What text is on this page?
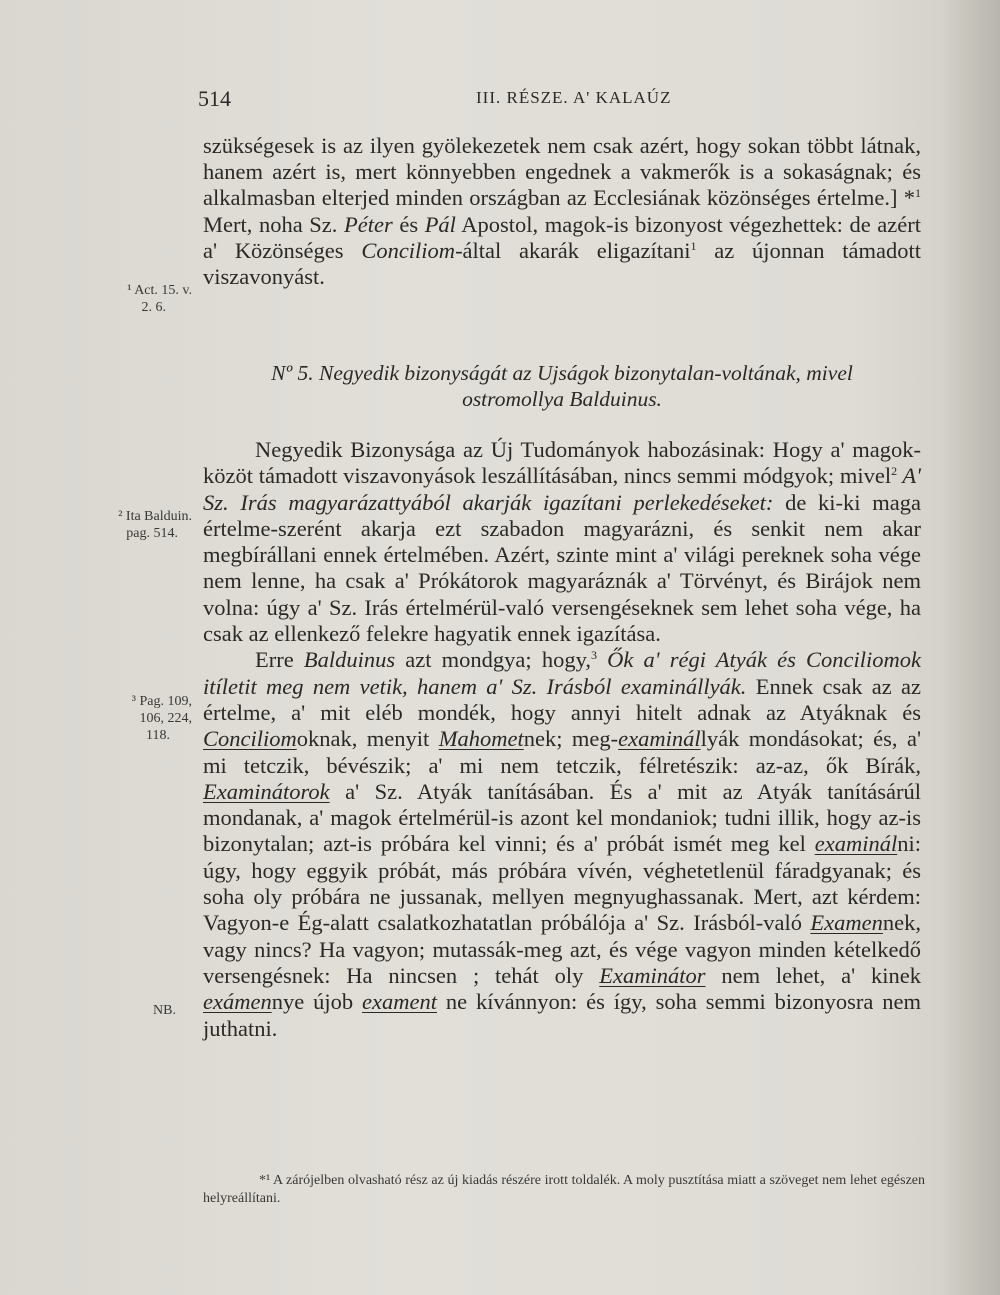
514	III. RÉSZE. A' KALAÚZ

szükségesek is az ilyen gyölekezetek nem csak azért, hogy sokan többt látnak, hanem azért is, mert könnyebben engednek a vakmerők is a sokaságnak; és alkalmasban elterjed minden országban az Ecclesiának közönséges értelme.] *$^1$ Mert, noha Sz. Péter és Pál Apostol, magok-is bizonyost végezhettek: de azért a' Közönséges Conciliom-által akarák eligazítani$^1$ az újonnan támadott viszavonyást.

Nº 5. Negyedik bizonyságát az Ujságok bizonytalan-voltának, mivel
ostromollya Balduinus.

Negyedik Bizonysága az Új Tudományok habozásinak: Hogy a' magok-közöt támadott viszavonyások leszállításában, nincs semmi módgyok; mivel$^2$ A' Sz. Irás magyarázattyából akarják igazítani perlekedéseket: de ki-ki maga értelme-szerént akarja ezt szabadon magyarázni, és senkit nem akar megbírállani ennek értelmében. Azért, szinte mint a' világi pereknek soha vége nem lenne, ha csak a' Prókátorok magyaráznák a' Törvényt, és Birájok nem volna: úgy a' Sz. Irás értelmérül-való versengéseknek sem lehet soha vége, ha csak az ellenkező felekre hagyatik ennek igazítása.

Erre Balduinus azt mondgya; hogy,$^3$ Ők a' régi Atyák és Conciliomok itíletit meg nem vetik, hanem a' Sz. Irásból examinállyák. Ennek csak az az értelme, a' mit eléb mondék, hogy annyi hitelt adnak az Atyáknak és Conciliomoknak, menyit Mahometnek; meg-examinállyák mondásokat; és, a' mi tetczik, bévészik; a' mi nem tetczik, félretészik: az-az, ők Bírák, Examinátorok a' Sz. Atyák tanításában. És a' mit az Atyák tanításárúl mondanak, a' magok értelmérül-is azont kel mondaniok; tudni illik, hogy az-is bizonytalan; azt-is próbára kel vinni; és a' próbát ismét meg kel examinálni: úgy, hogy eggyik próbát, más próbára vívén, véghetetlenül fáradgyanak; és soha oly próbára ne jussanak, mellyen megnyughassanak. Mert, azt kérdem: Vagyon-e Ég-alatt csalatkozhatatlan próbálója a' Sz. Irásból-való Examennek, vagy nincs? Ha vagyon; mutassák-meg azt, és vége vagyon minden kételkedő versengésnek: Ha nincsen ; tehát oly Examinátor nem lehet, a' kinek exámennye újob exament ne kívánnyon: és így, soha semmi bizonyosra nem juthatni.

¹ Act. 15. v.
2. 6.
² Ita Balduin.
pag. 514.
³ Pag. 109,
106, 224,
118.
NB.

*¹ A zárójelben olvasható rész az új kiadás részére irott toldalék. A moly pusztítása miatt a szöveget nem lehet egészen helyreállítani.
